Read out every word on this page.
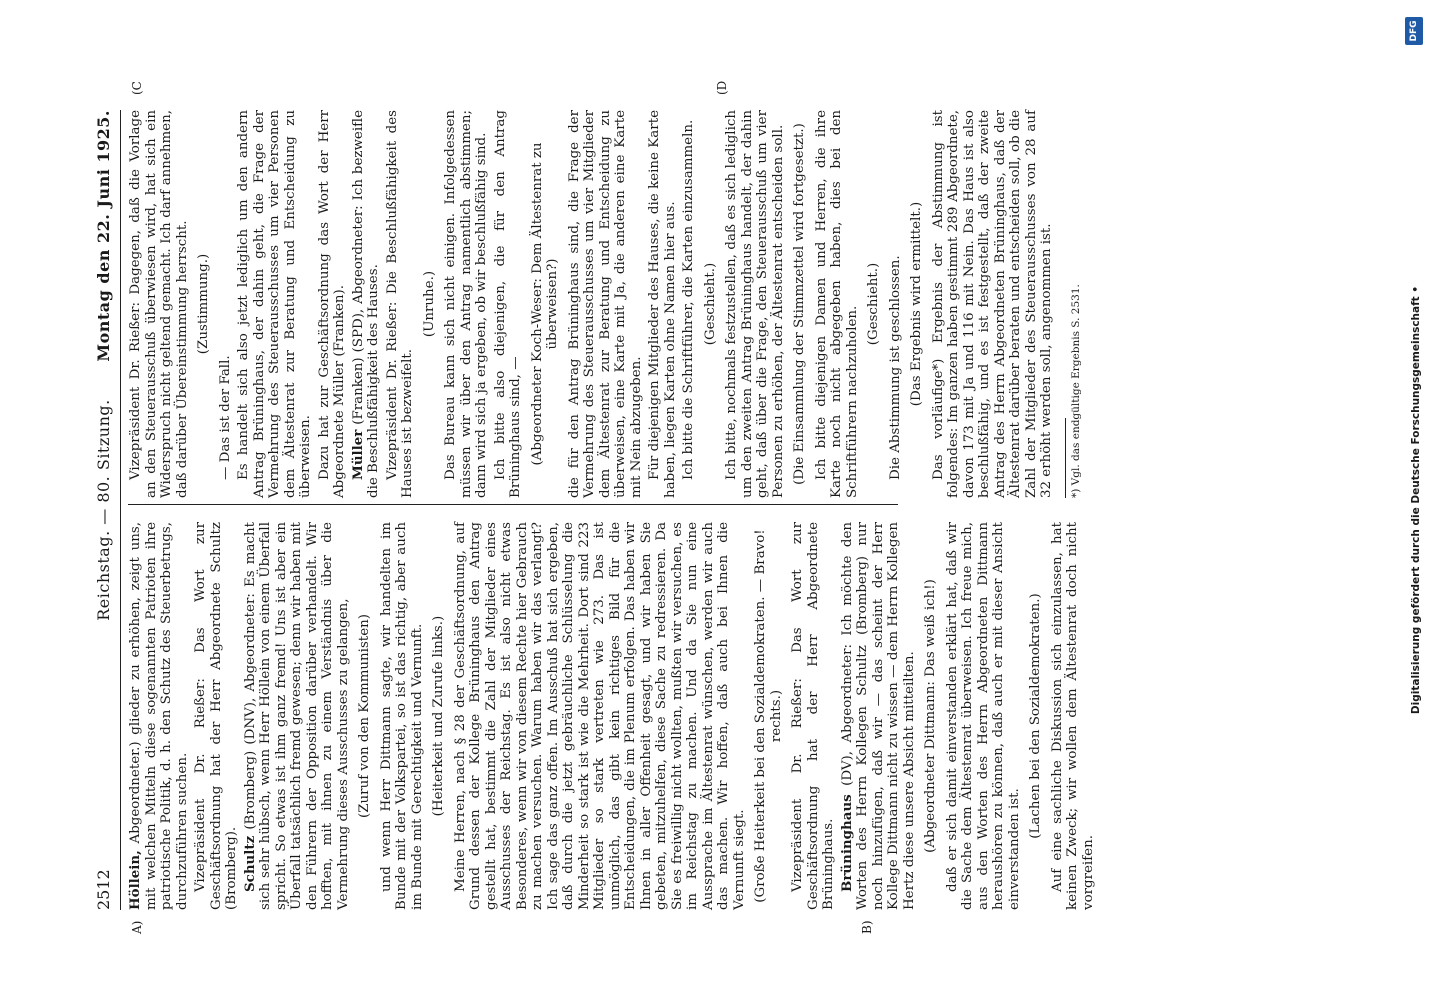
2512
Reichstag. — 80. Sitzung.
Montag den 22. Juni 1925.
A)	B)
(C	(D

Höllein, Abgeordneter.) glieder zu erhöhen, zeigt uns, mit welchen Mitteln diese sogenannten Patrioten ihre patriotische Politik, d. h. den Schutz des Steuerbetrugs, durchzuführen suchen. Vizepräsident Dr. Rießer: Das Wort zur Geschäftsordnung hat der Herr Abgeordnete Schultz (Bromberg). Schultz (Bromberg) (DNV), Abgeordneter: Es macht sich sehr hübsch, wenn Herr Höllein von einem Überfall spricht. So etwas ist ihm ganz fremd! Uns ist aber ein Überfall tatsächlich fremd gewesen; denn wir haben mit den Führern der Opposition darüber verhandelt. Wir hofften, mit ihnen zu einem Verständnis über die Vermehrung dieses Ausschusses zu gelangen, (Zuruf von den Kommunisten) und wenn Herr Dittmann sagte, wir handelten im Bunde mit der Volkspartei, so ist das richtig, aber auch im Bunde mit Gerechtigkeit und Vernunft. (Heiterkeit und Zurufe links.) Meine Herren, nach § 28 der Geschäftsordnung, auf Grund dessen der Kollege Brüninghaus den Antrag gestellt hat, bestimmt die Zahl der Mitglieder eines Ausschusses der Reichstag. Es ist also nicht etwas Besonderes, wenn wir von diesem Rechte hier Gebrauch zu machen versuchen. Warum haben wir das verlangt? Ich sage das ganz offen. Im Ausschuß hat sich ergeben, daß durch die jetzt gebräuchliche Schlüsselung die Minderheit so stark ist wie die Mehrheit. Dort sind 223 Mitglieder so stark vertreten wie 273. Das ist unmöglich, das gibt kein richtiges Bild für die Entscheidungen, die im Plenum erfolgen. Das haben wir Ihnen in aller Offenheit gesagt, und wir haben Sie gebeten, mitzuhelfen, diese Sache zu redressieren. Da Sie es freiwillig nicht wollten, mußten wir versuchen, es im Reichstag zu machen. Und da Sie nun eine Aussprache im Ältestenrat wünschen, werden wir auch das machen. Wir hoffen, daß auch bei Ihnen die Vernunft siegt. (Große Heiterkeit bei den Sozialdemokraten. — Bravo! rechts.) Vizepräsident Dr. Rießer: Das Wort zur Geschäftsordnung hat der Herr Abgeordnete Brüninghaus. Brüninghaus (DV), Abgeordneter: Ich möchte den Worten des Herrn Kollegen Schultz (Bromberg) nur noch hinzufügen, daß wir — das scheint der Herr Kollege Dittmann nicht zu wissen — dem Herrn Kollegen Hertz diese unsere Absicht mitteilten. (Abgeordneter Dittmann: Das weiß ich!) daß er sich damit einverstanden erklärt hat, daß wir die Sache dem Ältestenrat überweisen. Ich freue mich, aus den Worten des Herrn Abgeordneten Dittmann heraushören zu können, daß auch er mit dieser Ansicht einverstanden ist.

(Lachen bei den Sozialdemokraten.) Auf eine sachliche Diskussion sich einzulassen, hat keinen Zweck; wir wollen dem Ältestenrat doch nicht vorgreifen.

Vizepräsident Dr. Rießer: Dagegen, daß die Vorlage an den Steuerausschuß überwiesen wird, hat sich ein Widerspruch nicht geltend gemacht. Ich darf annehmen, daß darüber Übereinstimmung herrscht. (Zustimmung.)

— Das ist der Fall. Es handelt sich also jetzt lediglich um den andern Antrag Brüninghaus, der dahin geht, die Frage der Vermehrung des Steuerausschusses um vier Personen dem Ältestenrat zur Beratung und Entscheidung zu überweisen. Dazu hat zur Geschäftsordnung das Wort der Herr Abgeordnete Müller (Franken). Müller (Franken) (SPD), Abgeordneter: Ich bezweifle die Beschlußfähigkeit des Hauses. Vizepräsident Dr. Rießer: Die Beschlußfähigkeit des Hauses ist bezweifelt.

(Unruhe.) Das Bureau kann sich nicht einigen. Infolgedessen müssen wir über den Antrag namentlich abstimmen; dann wird sich ja ergeben, ob wir beschlußfähig sind. Ich bitte also diejenigen, die für den Antrag Brüninghaus sind, — (Abgeordneter Koch-Weser: Dem Ältestenrat zu überweisen?) die für den Antrag Brüninghaus sind, die Frage der Vermehrung des Steuerausschusses um vier Mitglieder dem Ältestenrat zur Beratung und Entscheidung zu überweisen, eine Karte mit Ja, die anderen eine Karte mit Nein abzugeben. Für diejenigen Mitglieder des Hauses, die keine Karte haben, liegen Karten ohne Namen hier aus. Ich bitte die Schriftführer, die Karten einzusammeln. (Geschieht.) Ich bitte, nochmals festzustellen, daß es sich lediglich um den zweiten Antrag Brüninghaus handelt, der dahin geht, daß über die Frage, den Steuerausschuß um vier Personen zu erhöhen, der Ältestenrat entscheiden soll. (Die Einsammlung der Stimmzettel wird fortgesetzt.) Ich bitte diejenigen Damen und Herren, die ihre Karte noch nicht abgegeben haben, dies bei den Schriftführern nachzuholen.

(Geschieht.) Die Abstimmung ist geschlossen. (Das Ergebnis wird ermittelt.) Das vorläufige*) Ergebnis der Abstimmung ist folgendes: Im ganzen haben gestimmt 289 Abgeordnete, davon 173 mit Ja und 116 mit Nein. Das Haus ist also beschlußfähig, und es ist festgestellt, daß der zweite Antrag des Herrn Abgeordneten Brüninghaus, daß der Ältestenrat darüber beraten und entscheiden soll, ob die Zahl der Mitglieder des Steuerausschusses von 28 auf 32 erhöht werden soll, angenommen ist. *) Vgl. das endgültige Ergebnis S. 2531.	Digitalisierung gefördert durch die Deutsche Forschungsgemeinschaft •
DFG
